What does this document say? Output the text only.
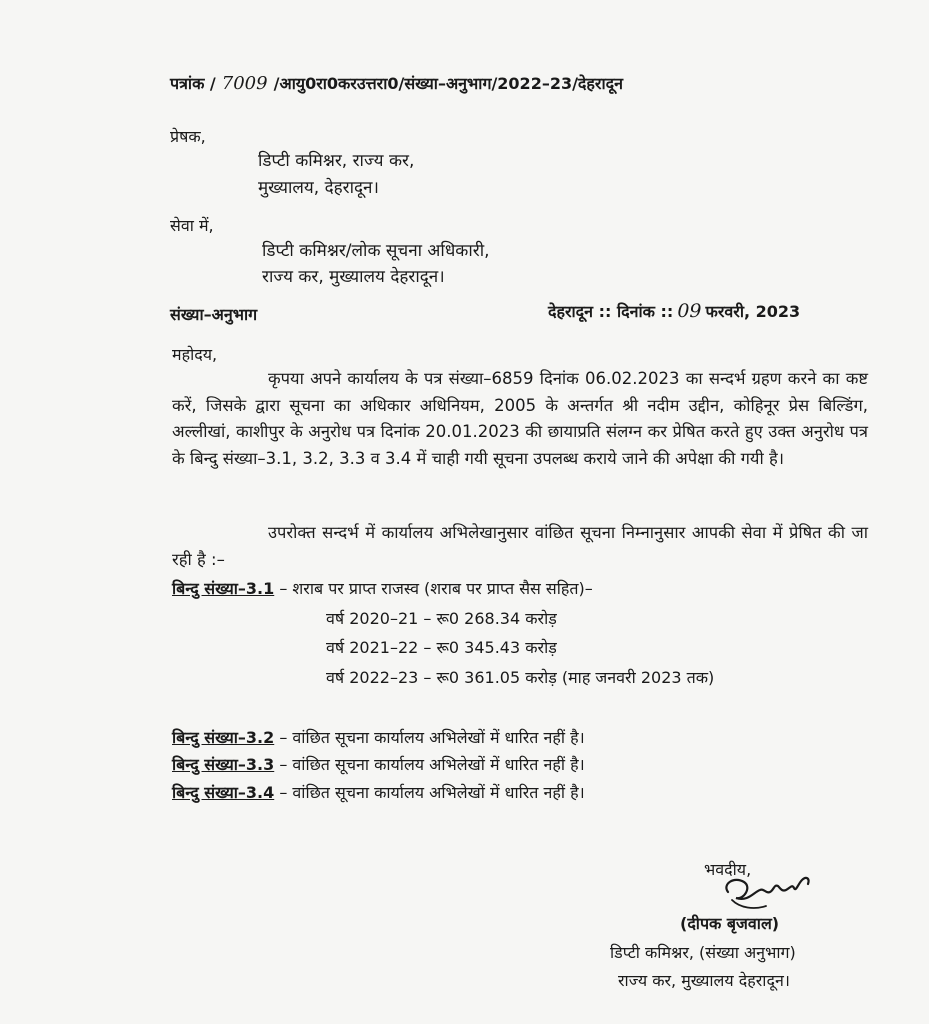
पत्रांक / 7009 /आयु0रा0करउत्तरा0/संख्या–अनुभाग/2022–23/देहरादून
प्रेषक,
डिप्टी कमिश्नर, राज्य कर,
मुख्यालय, देहरादून।
सेवा में,
डिप्टी कमिश्नर/लोक सूचना अधिकारी,
राज्य कर, मुख्यालय देहरादून।
संख्या–अनुभाग	देहरादून :: दिनांक :: 09 फरवरी, 2023
महोदय,
कृपया अपने कार्यालय के पत्र संख्या–6859 दिनांक 06.02.2023 का सन्दर्भ ग्रहण करने का कष्ट करें, जिसके द्वारा सूचना का अधिकार अधिनियम, 2005 के अन्तर्गत श्री नदीम उद्दीन, कोहिनूर प्रेस बिल्डिंग, अल्लीखां, काशीपुर के अनुरोध पत्र दिनांक 20.01.2023 की छायाप्रति संलग्न कर प्रेषित करते हुए उक्त अनुरोध पत्र के बिन्दु संख्या–3.1, 3.2, 3.3 व 3.4 में चाही गयी सूचना उपलब्ध कराये जाने की अपेक्षा की गयी है।
उपरोक्त सन्दर्भ में कार्यालय अभिलेखानुसार वांछित सूचना निम्नानुसार आपकी सेवा में प्रेषित की जा रही है :–
बिन्दु संख्या–3.1 – शराब पर प्राप्त राजस्व (शराब पर प्राप्त सैस सहित)–
वर्ष 2020–21 – रू0 268.34 करोड़
वर्ष 2021–22 – रू0 345.43 करोड़
वर्ष 2022–23 – रू0 361.05 करोड़ (माह जनवरी 2023 तक)
बिन्दु संख्या–3.2 – वांछित सूचना कार्यालय अभिलेखों में धारित नहीं है।
बिन्दु संख्या–3.3 – वांछित सूचना कार्यालय अभिलेखों में धारित नहीं है।
बिन्दु संख्या–3.4 – वांछित सूचना कार्यालय अभिलेखों में धारित नहीं है।
भवदीय,
(दीपक बृजवाल)
डिप्टी कमिश्नर, (संख्या अनुभाग)
राज्य कर, मुख्यालय देहरादून।
